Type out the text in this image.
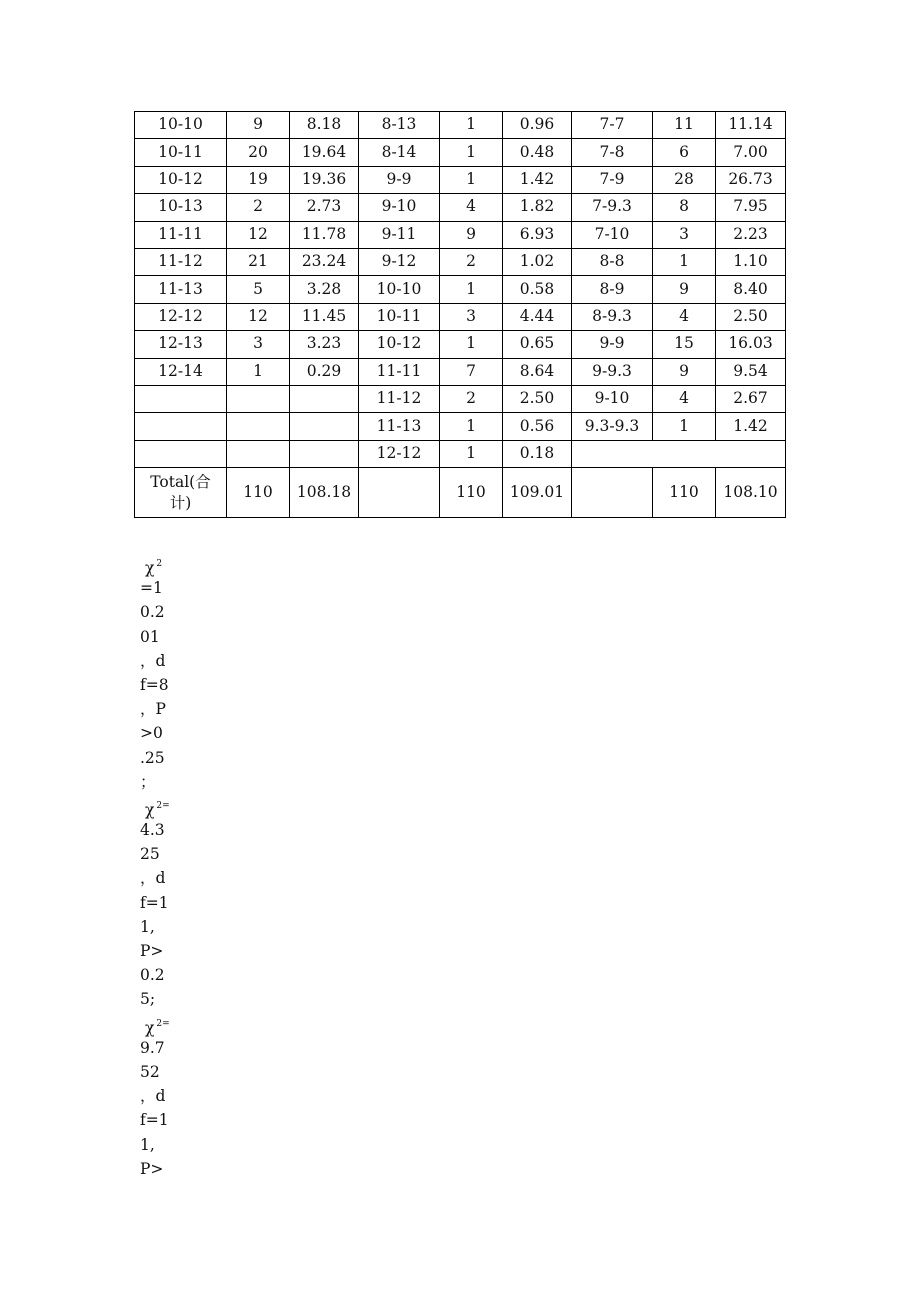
10-10	9	8.18	8-13	1	0.96	7-7	11	11.14
10-11	20	19.64	8-14	1	0.48	7-8	6	7.00
10-12	19	19.36	9-9	1	1.42	7-9	28	26.73
10-13	2	2.73	9-10	4	1.82	7-9.3	8	7.95
11-11	12	11.78	9-11	9	6.93	7-10	3	2.23
11-12	21	23.24	9-12	2	1.02	8-8	1	1.10
11-13	5	3.28	10-10	1	0.58	8-9	9	8.40
12-12	12	11.45	10-11	3	4.44	8-9.3	4	2.50
12-13	3	3.23	10-12	1	0.65	9-9	15	16.03
12-14	1	0.29	11-11	7	8.64	9-9.3	9	9.54
			11-12	2	2.50	9-10	4	2.67
			11-13	1	0.56	9.3-9.3	1	1.42
			12-12	1	0.18			

Total(合计)	110	108.18		110	109.01		110	108.10
χ $^2$
=1
0.2
01
，d
f=8
，P
>0
.25
；
χ $^{2=}$
4.3
25
，d
f=1
1,
P>
0.2
5;
χ $^{2=}$
9.7
52
，d
f=1
1,
P>
